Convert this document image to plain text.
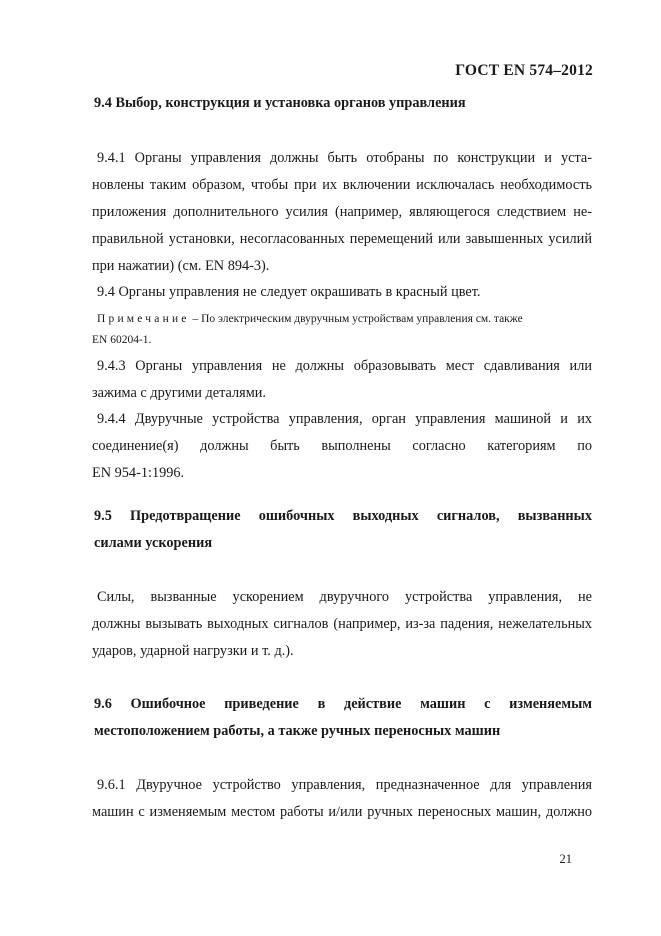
ГОСТ EN 574–2012
9.4 Выбор, конструкция и установка органов управления
9.4.1 Органы управления должны быть отобраны по конструкции и уста-
новлены таким образом, чтобы при их включении исключалась необходимость
приложения дополнительного усилия (например, являющегося следствием не-
правильной установки, несогласованных перемещений или завышенных усилий
при нажатии) (см. EN 894-3).
9.4 Органы управления не следует окрашивать в красный цвет.
Примечание – По электрическим двуручным устройствам управления см. также
EN 60204-1.
9.4.3 Органы управления не должны образовывать мест сдавливания или
зажима с другими деталями.
9.4.4 Двуручные устройства управления, орган управления машиной и их
соединение(я) должны быть выполнены согласно категориям по
EN 954-1:1996.
9.5 Предотвращение ошибочных выходных сигналов, вызванных
силами ускорения
Силы, вызванные ускорением двуручного устройства управления, не
должны вызывать выходных сигналов (например, из-за падения, нежелательных
ударов, ударной нагрузки и т. д.).
9.6 Ошибочное приведение в действие машин с изменяемым
местоположением работы, а также ручных переносных машин
9.6.1 Двуручное устройство управления, предназначенное для управления
машин с изменяемым местом работы и/или ручных переносных машин, должно
21
